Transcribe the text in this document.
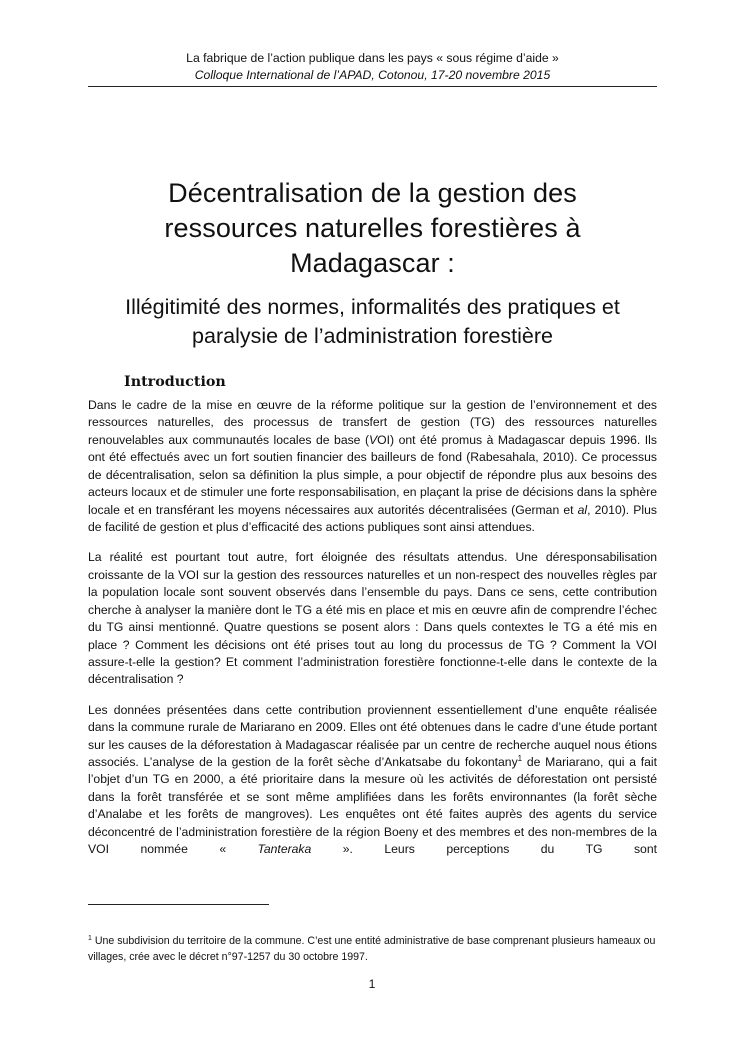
La fabrique de l’action publique dans les pays « sous régime d’aide »
Colloque International de l’APAD, Cotonou, 17-20 novembre 2015
Décentralisation de la gestion des ressources naturelles forestières à Madagascar :
Illégitimité des normes, informalités des pratiques et paralysie de l’administration forestière
Introduction

Dans le cadre de la mise en œuvre de la réforme politique sur la gestion de l’environnement et des ressources naturelles, des processus de transfert de gestion (TG) des ressources naturelles renouvelables aux communautés locales de base (VOI) ont été promus à Madagascar depuis 1996. Ils ont été effectués avec un fort soutien financier des bailleurs de fond (Rabesahala, 2010). Ce processus de décentralisation, selon sa définition la plus simple, a pour objectif de répondre plus aux besoins des acteurs locaux et de stimuler une forte responsabilisation, en plaçant la prise de décisions dans la sphère locale et en transférant les moyens nécessaires aux autorités décentralisées (German et al, 2010). Plus de facilité de gestion et plus d’efficacité des actions publiques sont ainsi attendues.

La réalité est pourtant tout autre, fort éloignée des résultats attendus. Une déresponsabilisation croissante de la VOI sur la gestion des ressources naturelles et un non-respect des nouvelles règles par la population locale sont souvent observés dans l’ensemble du pays. Dans ce sens, cette contribution cherche à analyser la manière dont le TG a été mis en place et mis en œuvre afin de comprendre l’échec du TG ainsi mentionné. Quatre questions se posent alors : Dans quels contextes le TG a été mis en place ? Comment les décisions ont été prises tout au long du processus de TG ? Comment la VOI assure-t-elle la gestion? Et comment l’administration forestière fonctionne-t-elle dans le contexte de la décentralisation ?

Les données présentées dans cette contribution proviennent essentiellement d’une enquête réalisée dans la commune rurale de Mariarano en 2009. Elles ont été obtenues dans le cadre d’une étude portant sur les causes de la déforestation à Madagascar réalisée par un centre de recherche auquel nous étions associés. L’analyse de la gestion de la forêt sèche d’Ankatsabe du fokontany$^1$ de Mariarano, qui a fait l’objet d’un TG en 2000, a été prioritaire dans la mesure où les activités de déforestation ont persisté dans la forêt transférée et se sont même amplifiées dans les forêts environnantes (la forêt sèche d’Analabe et les forêts de mangroves). Les enquêtes ont été faites auprès des agents du service déconcentré de l’administration forestière de la région Boeny et des membres et des non-membres de la VOI nommée « Tanteraka ». Leurs perceptions du TG sont

$^1$ Une subdivision du territoire de la commune. C’est une entité administrative de base comprenant plusieurs hameaux ou villages, crée avec le décret n°97-1257 du 30 octobre 1997.
1
